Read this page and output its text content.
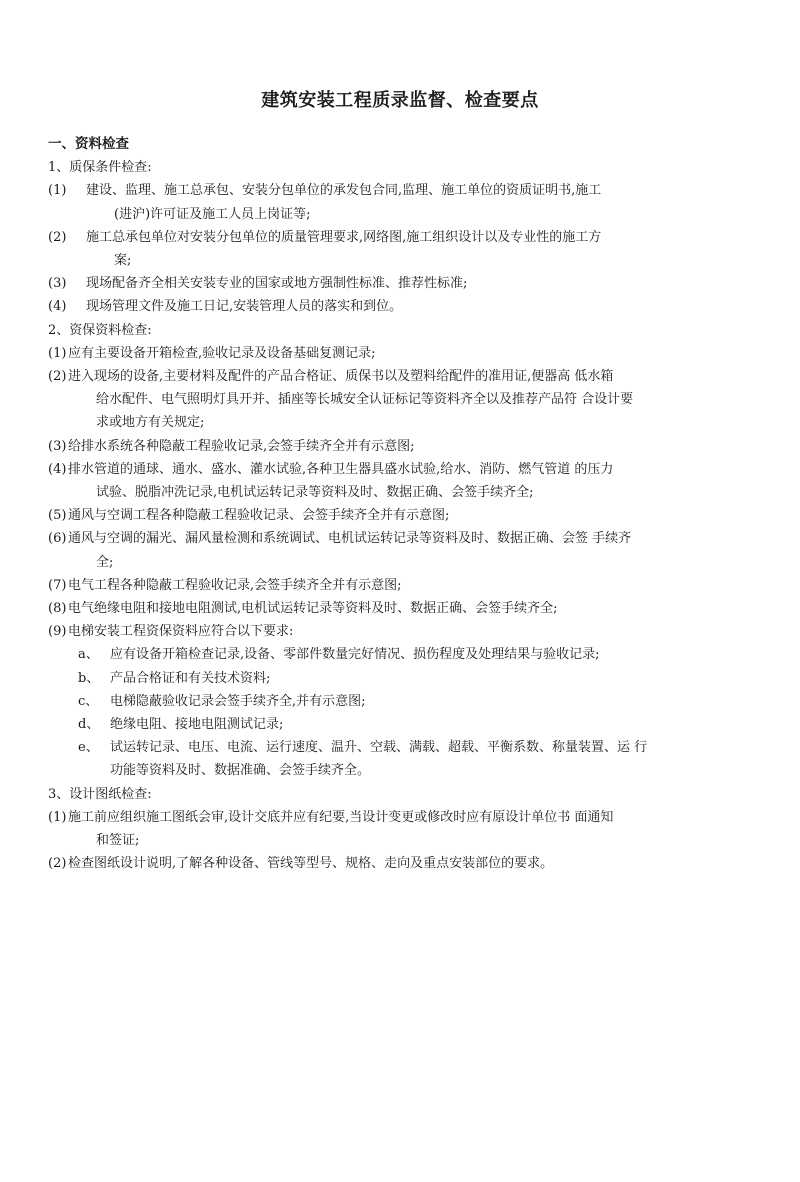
建筑安装工程质录监督、检查要点
一、资料检查
1、质保条件检查:
(1)	建设、监理、施工总承包、安装分包单位的承发包合同,监理、施工单位的资质证明书,施工
(进沪)许可证及施工人员上岗证等;
(2)	施工总承包单位对安装分包单位的质量管理要求,网络图,施工组织设计以及专业性的施工方
案;
(3)	现场配备齐全相关安装专业的国家或地方强制性标准、推荐性标准;
(4)	现场管理文件及施工日记,安装管理人员的落实和到位。
2、资保资料检查:
(1) 应有主要设备开箱检查,验收记录及设备基础复测记录;
(2) 进入现场的设备,主要材料及配件的产品合格证、质保书以及塑料给配件的准用证,便器高 低水箱
给水配件、电气照明灯具开并、插座等长城安全认证标记等资料齐全以及推荐产品符 合设计要
求或地方有关规定;
(3) 给排水系统各种隐蔽工程验收记录,会签手续齐全并有示意图;
(4) 排水管道的通球、通水、盛水、灌水试验,各种卫生器具盛水试验,给水、消防、燃气管道 的压力
试验、脱脂冲洗记录,电机试运转记录等资料及时、数据正确、会签手续齐全;
(5) 通风与空调工程各种隐蔽工程验收记录、会签手续齐全并有示意图;
(6) 通风与空调的漏光、漏风量检测和系统调试、电机试运转记录等资料及时、数据正确、会签 手续齐
全;
(7) 电气工程各种隐蔽工程验收记录,会签手续齐全并有示意图;
(8) 电气绝缘电阻和接地电阻测试,电机试运转记录等资料及时、数据正确、会签手续齐全;
(9) 电梯安装工程资保资料应符合以下要求:
a、 应有设备开箱检查记录,设备、零部件数量完好情况、损伤程度及处理结果与验收记录;
b、 产品合格证和有关技术资料;
c、 电梯隐蔽验收记录会签手续齐全,并有示意图;
d、 绝缘电阻、接地电阻测试记录;
e、 试运转记录、电压、电流、运行速度、温升、空载、满载、超载、平衡系数、称量装置、运 行
功能等资料及时、数据准确、会签手续齐全。
3、设计图纸检查:
(1) 施工前应组织施工图纸会审,设计交底并应有纪要,当设计变更或修改时应有原设计单位书 面通知
和签证;
(2) 检查图纸设计说明,了解各种设备、管线等型号、规格、走向及重点安装部位的要求。
